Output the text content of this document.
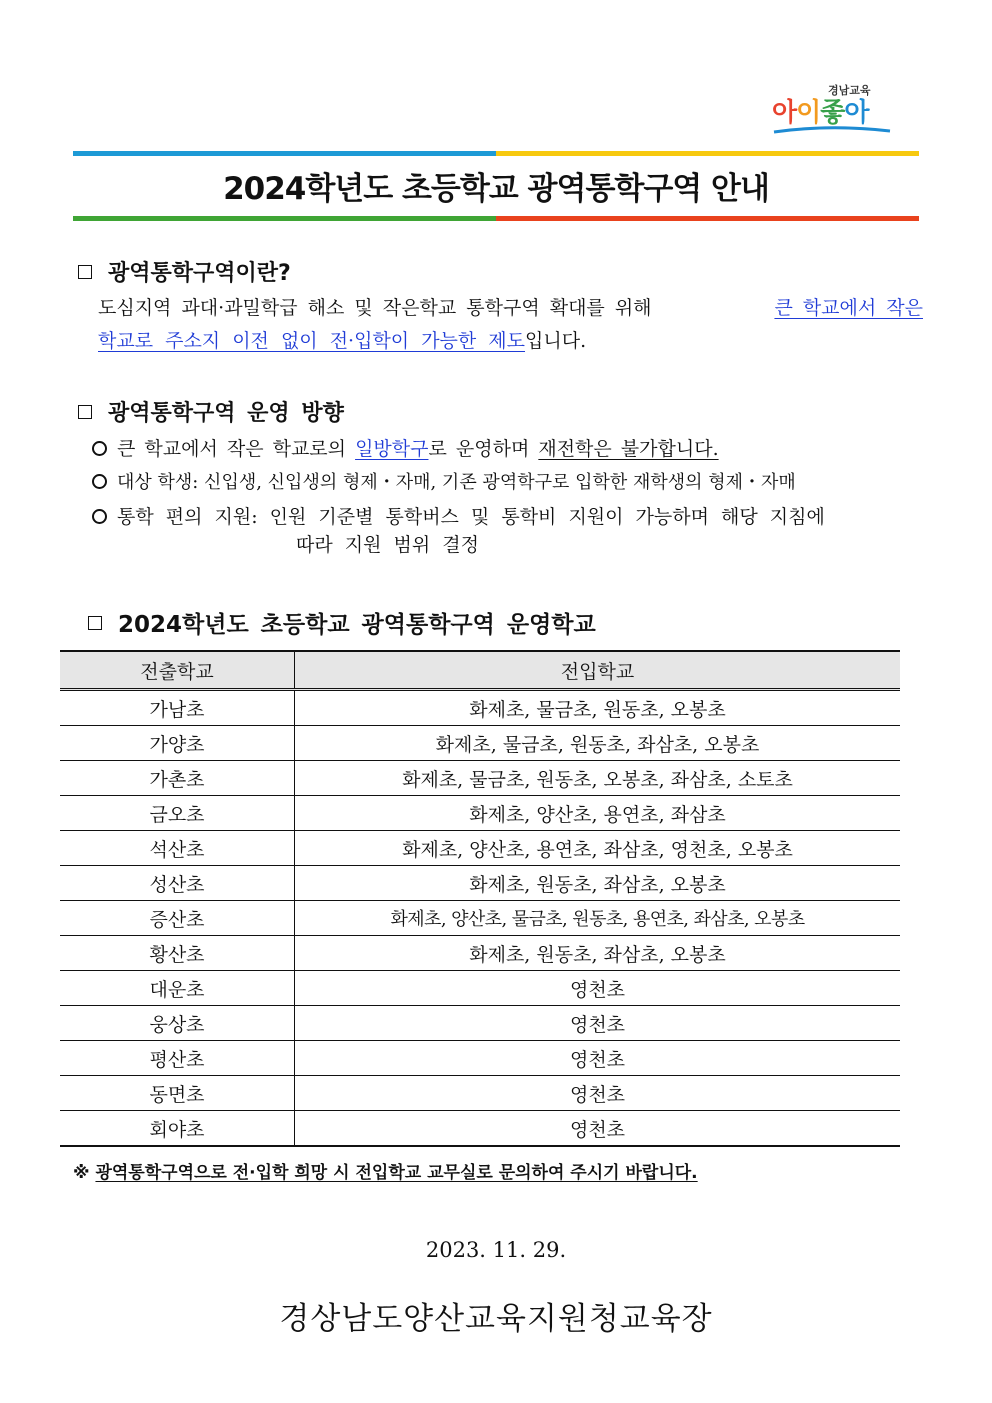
경남교육
아이좋아
2024학년도 초등학교 광역통학구역 안내
광역통학구역이란?
도심지역 과대·과밀학급 해소 및 작은학교 통학구역 확대를 위해	큰 학교에서 작은
학교로 주소지 이전 없이 전·입학이 가능한 제도입니다.
광역통학구역 운영 방향
큰 학교에서 작은 학교로의 일방학구로 운영하며 재전학은 불가합니다.
대상 학생: 신입생, 신입생의 형제・자매, 기존 광역학구로 입학한 재학생의 형제・자매
통학 편의 지원: 인원 기준별 통학버스 및 통학비 지원이 가능하며 해당 지침에
따라 지원 범위 결정
2024학년도 초등학교 광역통학구역 운영학교
전출학교	전입학교
가남초	화제초, 물금초, 원동초, 오봉초
가양초	화제초, 물금초, 원동초, 좌삼초, 오봉초
가촌초	화제초, 물금초, 원동초, 오봉초, 좌삼초, 소토초
금오초	화제초, 양산초, 용연초, 좌삼초
석산초	화제초, 양산초, 용연초, 좌삼초, 영천초, 오봉초
성산초	화제초, 원동초, 좌삼초, 오봉초
증산초	화제초, 양산초, 물금초, 원동초, 용연초, 좌삼초, 오봉초
황산초	화제초, 원동초, 좌삼초, 오봉초
대운초	영천초
웅상초	영천초
평산초	영천초
동면초	영천초
회야초	영천초
※ 광역통학구역으로 전·입학 희망 시 전입학교 교무실로 문의하여 주시기 바랍니다.
2023. 11. 29.
경상남도양산교육지원청교육장
